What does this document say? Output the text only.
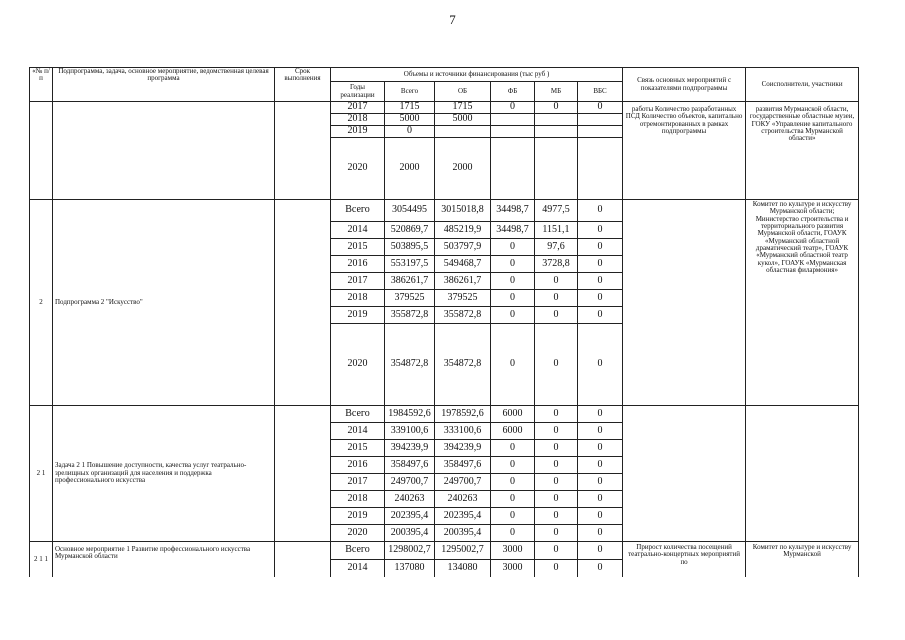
7
«№ п/п	Подпрограмма, задача, основное мероприятие, ведомственная целевая программа	Срок выполнения	Объемы и источники финансирования (тыс руб )						Связь основных мероприятий с показателями подпрограммы	Соисполнители, участники
			Годы реализации	Всего	ОБ	ФБ	МБ	ВБС		
			2017	1715	1715	0	0	0	работы Количество разработанных ПСД Количество объектов, капитально отремонтированных в рамках подпрограммы	развития Мурманской области, государственные областные музеи, ГОКУ «Управление капитального строительства Мурманской области»
			2018	5000	5000					
			2019	0						
			2020	2000	2000					
2	Подпрограмма 2 "Искусство"		Всего	3054495	3015018,8	34498,7	4977,5	0		Комитет по культуре и искусству Мурманской области; Министерство строительства и территориального развития Мурманской области, ГОАУК «Мурманский областной драматический театр», ГОАУК «Мурманский областной театр кукол», ГОАУК «Мурманская областная филармония»
			2014	520869,7	485219,9	34498,7	1151,1	0		
			2015	503895,5	503797,9	0	97,6	0		
			2016	553197,5	549468,7	0	3728,8	0		
			2017	386261,7	386261,7	0	0	0		
			2018	379525	379525	0	0	0		
			2019	355872,8	355872,8	0	0	0		
			2020	354872,8	354872,8	0	0	0		
2 1	Задача 2 1 Повышение доступности, качества услуг театрально-зрелищных организаций для населения и поддержка профессионального искусства		Всего	1984592,6	1978592,6	6000	0	0		
			2014	339100,6	333100,6	6000	0	0		
			2015	394239,9	394239,9	0	0	0		
			2016	358497,6	358497,6	0	0	0		
			2017	249700,7	249700,7	0	0	0		
			2018	240263	240263	0	0	0		
			2019	202395,4	202395,4	0	0	0		
			2020	200395,4	200395,4	0	0	0		
2 1 1	Основное мероприятие 1 Развитие профессионального искусства Мурманской области		Всего	1298002,7	1295002,7	3000	0	0	Прирост количества посещений театрально-концертных мероприятий по	Комитет по культуре и искусству Мурманской
			2014	137080	134080	3000	0	0		
